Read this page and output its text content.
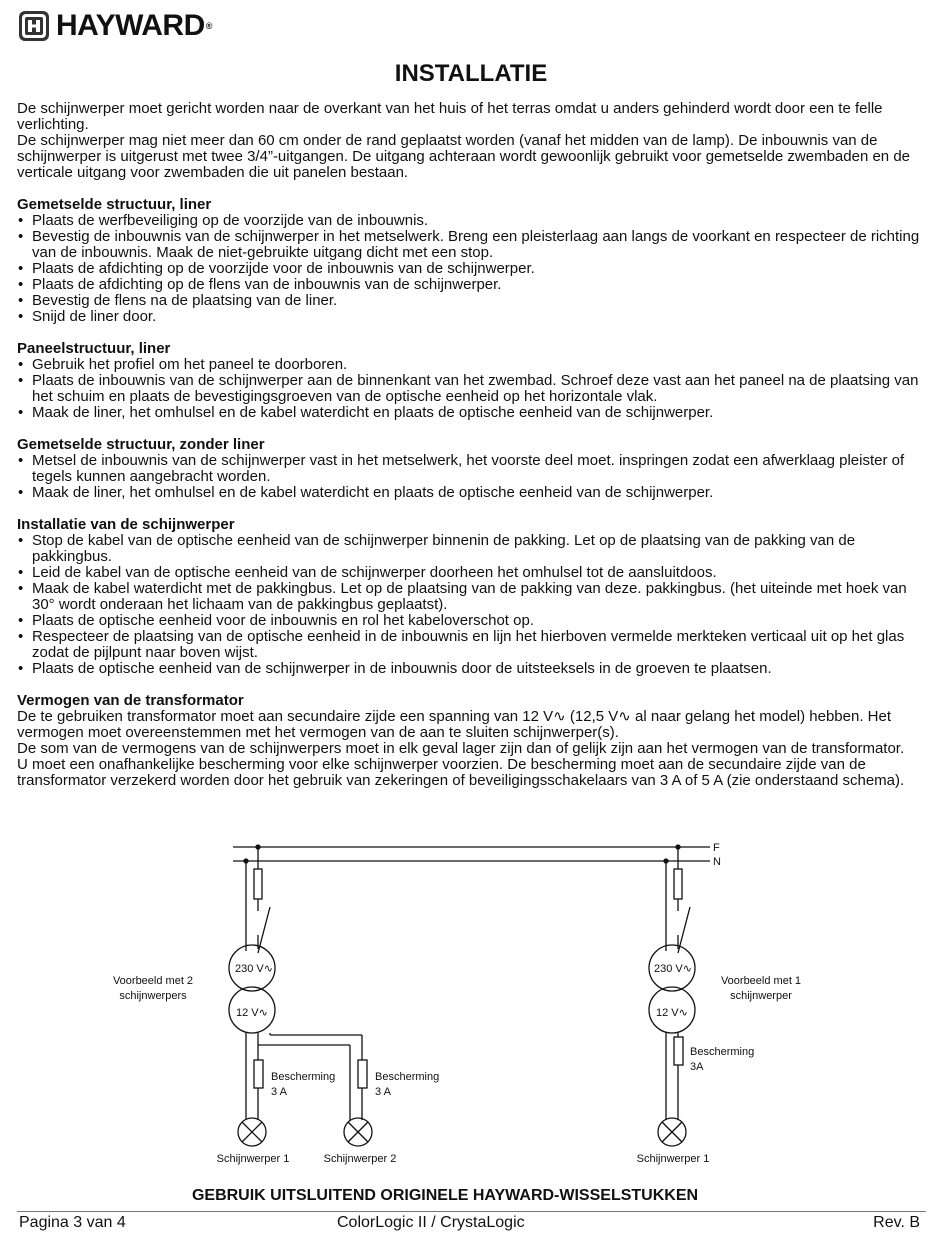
HAYWARD®
INSTALLATIE

De schijnwerper moet gericht worden naar de overkant van het huis of het terras omdat u anders gehinderd wordt door een te felle verlichting.

De schijnwerper mag niet meer dan 60 cm onder de rand geplaatst worden (vanaf het midden van de lamp). De inbouwnis van de schijnwerper is uitgerust met twee 3/4”-uitgangen. De uitgang achteraan wordt gewoonlijk gebruikt voor gemetselde zwembaden en de verticale uitgang voor zwembaden die uit panelen bestaan.

Gemetselde structuur, liner
• Plaats de werfbeveiliging op de voorzijde van de inbouwnis.
• Bevestig de inbouwnis van de schijnwerper in het metselwerk. Breng een pleisterlaag aan langs de voorkant en respecteer de richting van de inbouwnis. Maak de niet-gebruikte uitgang dicht met een stop.
• Plaats de afdichting op de voorzijde voor de inbouwnis van de schijnwerper.
• Plaats de afdichting op de flens van de inbouwnis van de schijnwerper.
• Bevestig de flens na de plaatsing van de liner.
• Snijd de liner door.
Paneelstructuur, liner
• Gebruik het profiel om het paneel te doorboren.
• Plaats de inbouwnis van de schijnwerper aan de binnenkant van het zwembad. Schroef deze vast aan het paneel na de plaatsing van het schuim en plaats de bevestigingsgroeven van de optische eenheid op het horizontale vlak.
• Maak de liner, het omhulsel en de kabel waterdicht en plaats de optische eenheid van de schijnwerper.
Gemetselde structuur, zonder liner
• Metsel de inbouwnis van de schijnwerper vast in het metselwerk, het voorste deel moet. inspringen zodat een afwerklaag pleister of tegels kunnen aangebracht worden.
• Maak de liner, het omhulsel en de kabel waterdicht en plaats de optische eenheid van de schijnwerper.
Installatie van de schijnwerper
• Stop de kabel van de optische eenheid van de schijnwerper binnenin de pakking. Let op de plaatsing van de pakking van de pakkingbus.
• Leid de kabel van de optische eenheid van de schijnwerper doorheen het omhulsel tot de aansluitdoos.
• Maak de kabel waterdicht met de pakkingbus. Let op de plaatsing van de pakking van deze. pakkingbus. (het uiteinde met hoek van 30° wordt onderaan het lichaam van de pakkingbus geplaatst).
• Plaats de optische eenheid voor de inbouwnis en rol het kabeloverschot op.
• Respecteer de plaatsing van de optische eenheid in de inbouwnis en lijn het hierboven vermelde merkteken verticaal uit op het glas zodat de pijlpunt naar boven wijst.
• Plaats de optische eenheid van de schijnwerper in de inbouwnis door de uitsteeksels in de groeven te plaatsen.
Vermogen van de transformator

De te gebruiken transformator moet aan secundaire zijde een spanning van 12 V∿ (12,5 V∿ al naar gelang het model) hebben. Het vermogen moet overeenstemmen met het vermogen van de aan te sluiten schijnwerper(s).

De som van de vermogens van de schijnwerpers moet in elk geval lager zijn dan of gelijk zijn aan het vermogen van de transformator.

U moet een onafhankelijke bescherming voor elke schijnwerper voorzien. De bescherming moet aan de secundaire zijde van de transformator verzekerd worden door het gebruik van zekeringen of beveiligingsschakelaars van 3 A of 5 A (zie onderstaand schema).

F
N
230 V∿
12 V∿
Bescherming
3 A
Bescherming
3 A
Schijnwerper 1	Schijnwerper 2
Voorbeeld met 2
schijnwerpers
230 V∿
12 V∿
Bescherming
3A
Schijnwerper 1
Voorbeeld met 1
schijnwerper
GEBRUIK UITSLUITEND ORIGINELE HAYWARD-WISSELSTUKKEN
Pagina 3 van 4	ColorLogic II / CrystaLogic	Rev. B
